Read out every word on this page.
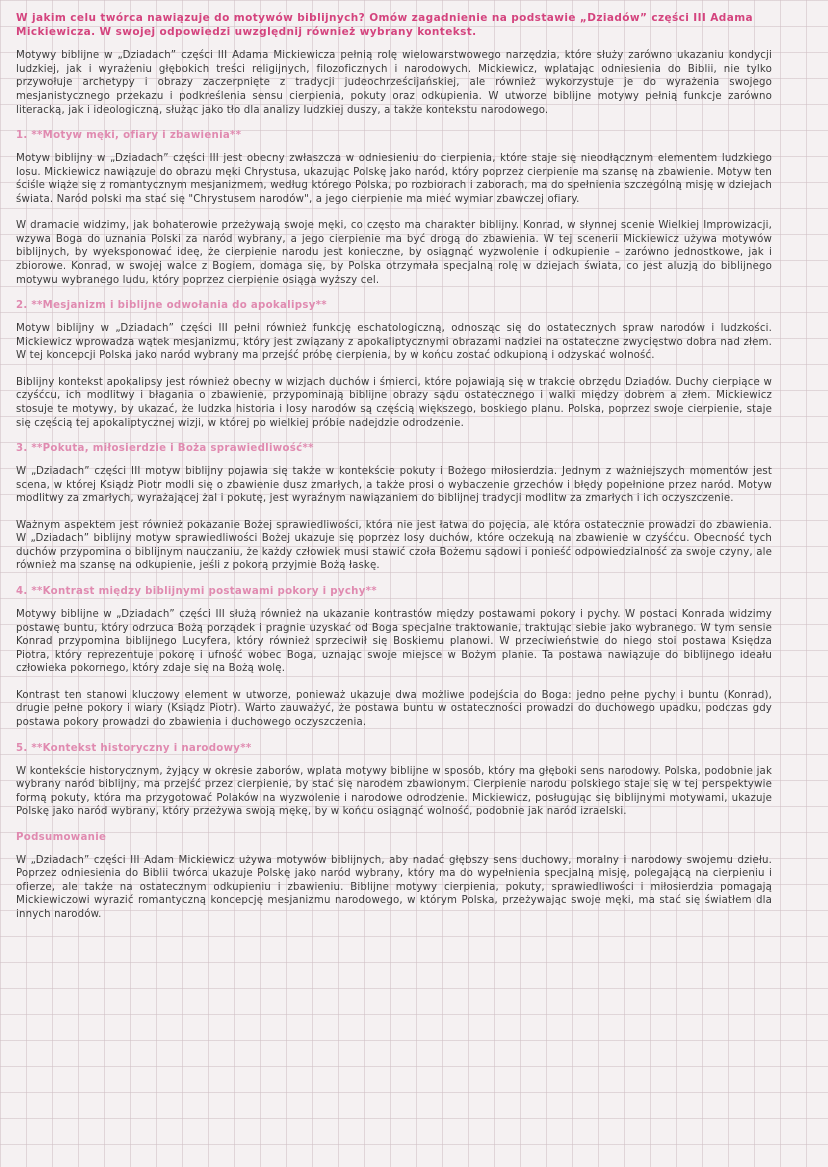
W jakim celu twórca nawiązuje do motywów biblijnych? Omów zagadnienie na podstawie „Dziadów” części III Adama Mickiewicza. W swojej odpowiedzi uwzględnij również wybrany kontekst.

Motywy biblijne w „Dziadach” części III Adama Mickiewicza pełnią rolę wielowarstwowego narzędzia, które służy zarówno ukazaniu kondycji ludzkiej, jak i wyrażeniu głębokich treści religijnych, filozoficznych i narodowych. Mickiewicz, wplatając odniesienia do Biblii, nie tylko przywołuje archetypy i obrazy zaczerpnięte z tradycji judeochrześcijańskiej, ale również wykorzystuje je do wyrażenia swojego mesjanistycznego przekazu i podkreślenia sensu cierpienia, pokuty oraz odkupienia. W utworze biblijne motywy pełnią funkcje zarówno literacką, jak i ideologiczną, służąc jako tło dla analizy ludzkiej duszy, a także kontekstu narodowego.

1. **Motyw męki, ofiary i zbawienia**

Motyw biblijny w „Dziadach” części III jest obecny zwłaszcza w odniesieniu do cierpienia, które staje się nieodłącznym elementem ludzkiego losu. Mickiewicz nawiązuje do obrazu męki Chrystusa, ukazując Polskę jako naród, który poprzez cierpienie ma szansę na zbawienie. Motyw ten ściśle wiąże się z romantycznym mesjanizmem, według którego Polska, po rozbiorach i zaborach, ma do spełnienia szczególną misję w dziejach świata. Naród polski ma stać się "Chrystusem narodów", a jego cierpienie ma mieć wymiar zbawczej ofiary.

W dramacie widzimy, jak bohaterowie przeżywają swoje męki, co często ma charakter biblijny. Konrad, w słynnej scenie Wielkiej Improwizacji, wzywa Boga do uznania Polski za naród wybrany, a jego cierpienie ma być drogą do zbawienia. W tej scenerii Mickiewicz używa motywów biblijnych, by wyeksponować ideę, że cierpienie narodu jest konieczne, by osiągnąć wyzwolenie i odkupienie – zarówno jednostkowe, jak i zbiorowe. Konrad, w swojej walce z Bogiem, domaga się, by Polska otrzymała specjalną rolę w dziejach świata, co jest aluzją do biblijnego motywu wybranego ludu, który poprzez cierpienie osiąga wyższy cel.

2. **Mesjanizm i biblijne odwołania do apokalipsy**

Motyw biblijny w „Dziadach” części III pełni również funkcję eschatologiczną, odnosząc się do ostatecznych spraw narodów i ludzkości. Mickiewicz wprowadza wątek mesjanizmu, który jest związany z apokaliptycznymi obrazami nadziei na ostateczne zwycięstwo dobra nad złem. W tej koncepcji Polska jako naród wybrany ma przejść próbę cierpienia, by w końcu zostać odkupioną i odzyskać wolność.

Biblijny kontekst apokalipsy jest również obecny w wizjach duchów i śmierci, które pojawiają się w trakcie obrzędu Dziadów. Duchy cierpiące w czyśćcu, ich modlitwy i błagania o zbawienie, przypominają biblijne obrazy sądu ostatecznego i walki między dobrem a złem. Mickiewicz stosuje te motywy, by ukazać, że ludzka historia i losy narodów są częścią większego, boskiego planu. Polska, poprzez swoje cierpienie, staje się częścią tej apokaliptycznej wizji, w której po wielkiej próbie nadejdzie odrodzenie.

3. **Pokuta, miłosierdzie i Boża sprawiedliwość**

W „Dziadach” części III motyw biblijny pojawia się także w kontekście pokuty i Bożego miłosierdzia. Jednym z ważniejszych momentów jest scena, w której Ksiądz Piotr modli się o zbawienie dusz zmarłych, a także prosi o wybaczenie grzechów i błędy popełnione przez naród. Motyw modlitwy za zmarłych, wyrażającej żal i pokutę, jest wyraźnym nawiązaniem do biblijnej tradycji modlitw za zmarłych i ich oczyszczenie.

Ważnym aspektem jest również pokazanie Bożej sprawiedliwości, która nie jest łatwa do pojęcia, ale która ostatecznie prowadzi do zbawienia. W „Dziadach” biblijny motyw sprawiedliwości Bożej ukazuje się poprzez losy duchów, które oczekują na zbawienie w czyśćcu. Obecność tych duchów przypomina o biblijnym nauczaniu, że każdy człowiek musi stawić czoła Bożemu sądowi i ponieść odpowiedzialność za swoje czyny, ale również ma szansę na odkupienie, jeśli z pokorą przyjmie Bożą łaskę.

4. **Kontrast między biblijnymi postawami pokory i pychy**

Motywy biblijne w „Dziadach” części III służą również na ukazanie kontrastów między postawami pokory i pychy. W postaci Konrada widzimy postawę buntu, który odrzuca Bożą porządek i pragnie uzyskać od Boga specjalne traktowanie, traktując siebie jako wybranego. W tym sensie Konrad przypomina biblijnego Lucyfera, który również sprzeciwił się Boskiemu planowi. W przeciwieństwie do niego stoi postawa Księdza Piotra, który reprezentuje pokorę i ufność wobec Boga, uznając swoje miejsce w Bożym planie. Ta postawa nawiązuje do biblijnego ideału człowieka pokornego, który zdaje się na Bożą wolę.

Kontrast ten stanowi kluczowy element w utworze, ponieważ ukazuje dwa możliwe podejścia do Boga: jedno pełne pychy i buntu (Konrad), drugie pełne pokory i wiary (Ksiądz Piotr). Warto zauważyć, że postawa buntu w ostateczności prowadzi do duchowego upadku, podczas gdy postawa pokory prowadzi do zbawienia i duchowego oczyszczenia.

5. **Kontekst historyczny i narodowy**

W kontekście historycznym, żyjący w okresie zaborów, wplata motywy biblijne w sposób, który ma głęboki sens narodowy. Polska, podobnie jak wybrany naród biblijny, ma przejść przez cierpienie, by stać się narodem zbawionym. Cierpienie narodu polskiego staje się w tej perspektywie formą pokuty, która ma przygotować Polaków na wyzwolenie i narodowe odrodzenie. Mickiewicz, posługując się biblijnymi motywami, ukazuje Polskę jako naród wybrany, który przeżywa swoją mękę, by w końcu osiągnąć wolność, podobnie jak naród izraelski.

Podsumowanie

W „Dziadach” części III Adam Mickiewicz używa motywów biblijnych, aby nadać głębszy sens duchowy, moralny i narodowy swojemu dziełu. Poprzez odniesienia do Biblii twórca ukazuje Polskę jako naród wybrany, który ma do wypełnienia specjalną misję, polegającą na cierpieniu i ofierze, ale także na ostatecznym odkupieniu i zbawieniu. Biblijne motywy cierpienia, pokuty, sprawiedliwości i miłosierdzia pomagają Mickiewiczowi wyrazić romantyczną koncepcję mesjanizmu narodowego, w którym Polska, przeżywając swoje męki, ma stać się światłem dla innych narodów.
